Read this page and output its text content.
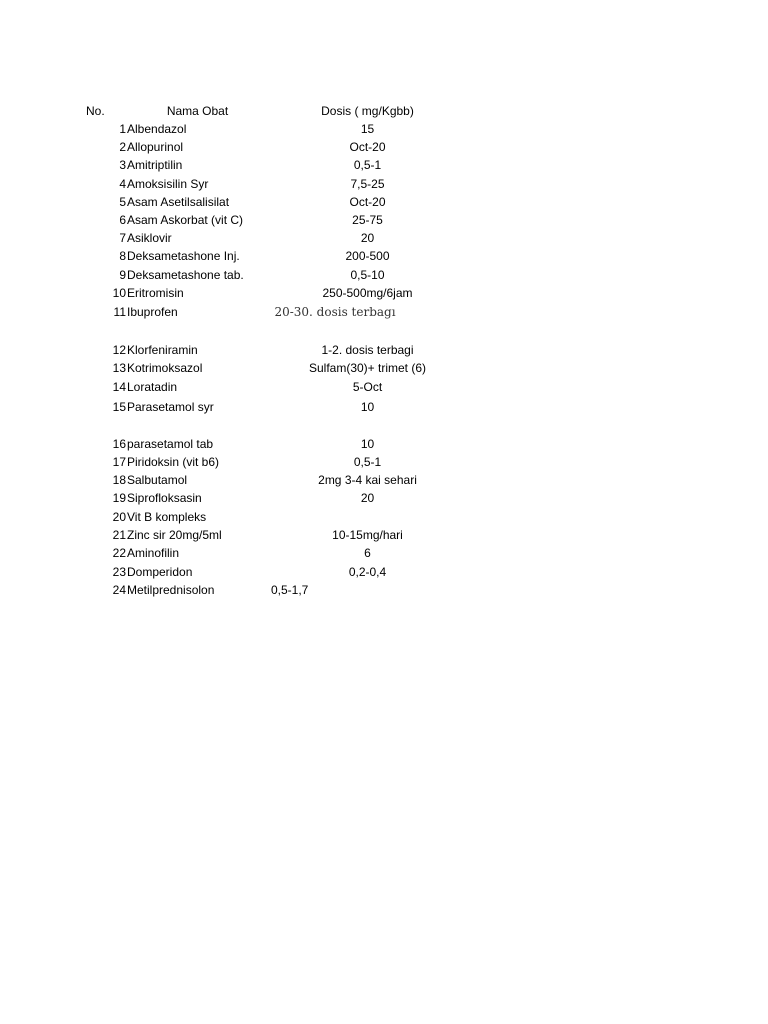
No.	Nama Obat	Dosis ( mg/Kgbb)
1 Albendazol	15
2 Allopurinol	Oct-20
3 Amitriptilin	0,5-1
4 Amoksisilin Syr	7,5-25
5 Asam Asetilsalisilat	Oct-20
6 Asam Askorbat (vit C)	25-75
7 Asiklovir	20
8 Deksametashone Inj.	200-500
9 Deksametashone tab.	0,5-10
10 Eritromisin	250-500mg/6jam
11 Ibuprofen	20-30. dosis terbagı
12 Klorfeniramin	1-2. dosis terbagi
13 Kotrimoksazol	Sulfam(30)+ trimet (6)
14 Loratadin	5-Oct
15 Parasetamol syr	10
16 parasetamol tab	10
17 Piridoksin (vit b6)	0,5-1
18 Salbutamol	2mg 3-4 kai sehari
19 Siprofloksasin	20
20 Vit B kompleks
21 Zinc sir 20mg/5ml	10-15mg/hari
22 Aminofilin	6
23 Domperidon	0,2-0,4
24 Metilprednisolon	0,5-1,7
